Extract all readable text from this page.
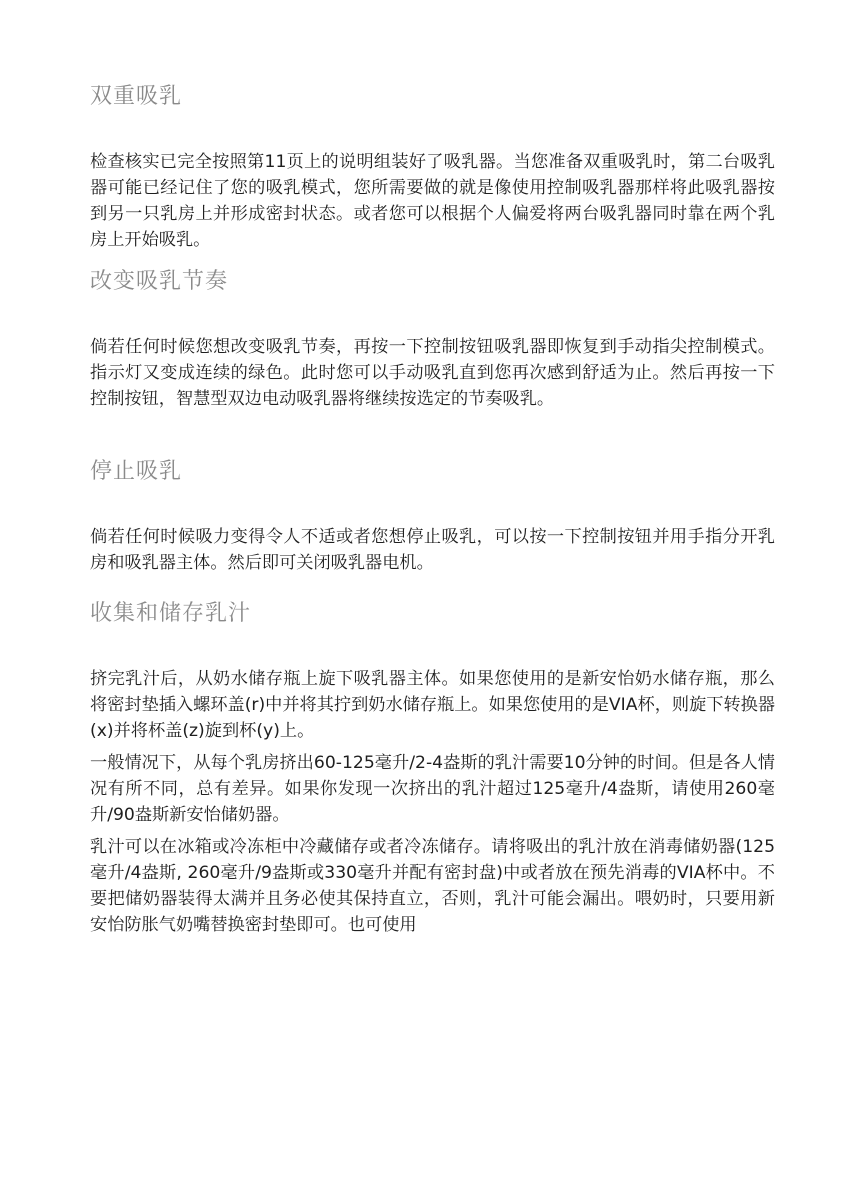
双重吸乳

检查核实已完全按照第11页上的说明组装好了吸乳器。当您准备双重吸乳时，第二台吸乳器可能已经记住了您的吸乳模式，您所需要做的就是像使用控制吸乳器那样将此吸乳器按到另一只乳房上并形成密封状态。或者您可以根据个人偏爱将两台吸乳器同时靠在两个乳房上开始吸乳。

改变吸乳节奏

倘若任何时候您想改变吸乳节奏，再按一下控制按钮吸乳器即恢复到手动指尖控制模式。指示灯又变成连续的绿色。此时您可以手动吸乳直到您再次感到舒适为止。然后再按一下控制按钮，智慧型双边电动吸乳器将继续按选定的节奏吸乳。

停止吸乳

倘若任何时候吸力变得令人不适或者您想停止吸乳，可以按一下控制按钮并用手指分开乳房和吸乳器主体。然后即可关闭吸乳器电机。

收集和储存乳汁

挤完乳汁后，从奶水储存瓶上旋下吸乳器主体。如果您使用的是新安怡奶水储存瓶，那么将密封垫插入螺环盖(r)中并将其拧到奶水储存瓶上。如果您使用的是VIA杯，则旋下转换器(x)并将杯盖(z)旋到杯(y)上。

一般情况下，从每个乳房挤出60-125毫升/2-4盎斯的乳汁需要10分钟的时间。但是各人情况有所不同，总有差异。如果你发现一次挤出的乳汁超过125毫升/4盎斯，请使用260毫升/90盎斯新安怡储奶器。

乳汁可以在冰箱或冷冻柜中冷藏储存或者冷冻储存。请将吸出的乳汁放在消毒储奶器(125毫升/4盎斯, 260毫升/9盎斯或330毫升并配有密封盘)中或者放在预先消毒的VIA杯中。不要把储奶器装得太满并且务必使其保持直立，否则，乳汁可能会漏出。喂奶时，只要用新安怡防胀气奶嘴替换密封垫即可。也可使用
